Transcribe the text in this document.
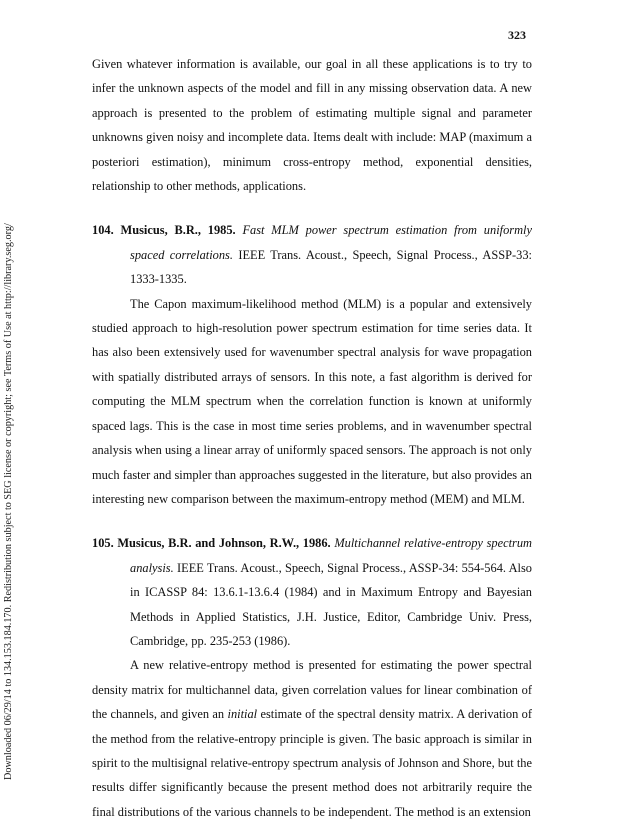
323
Downloaded 06/29/14 to 134.153.184.170. Redistribution subject to SEG license or copyright; see Terms of Use at http://library.seg.org/

Given whatever information is available, our goal in all these applications is to try to infer the unknown aspects of the model and fill in any missing observation data. A new approach is presented to the problem of estimating multiple signal and parameter unknowns given noisy and incomplete data. Items dealt with include: MAP (maximum a posteriori estimation), minimum cross-entropy method, exponential densities, relationship to other methods, applications.

104. Musicus, B.R., 1985. Fast MLM power spectrum estimation from uniformly spaced correlations. IEEE Trans. Acoust., Speech, Signal Process., ASSP-33: 1333-1335.

The Capon maximum-likelihood method (MLM) is a popular and extensively studied approach to high-resolution power spectrum estimation for time series data. It has also been extensively used for wavenumber spectral analysis for wave propagation with spatially distributed arrays of sensors. In this note, a fast algorithm is derived for computing the MLM spectrum when the correlation function is known at uniformly spaced lags. This is the case in most time series problems, and in wavenumber spectral analysis when using a linear array of uniformly spaced sensors. The approach is not only much faster and simpler than approaches suggested in the literature, but also provides an interesting new comparison between the maximum-entropy method (MEM) and MLM.

105. Musicus, B.R. and Johnson, R.W., 1986. Multichannel relative-entropy spectrum analysis. IEEE Trans. Acoust., Speech, Signal Process., ASSP-34: 554-564. Also in ICASSP 84: 13.6.1-13.6.4 (1984) and in Maximum Entropy and Bayesian Methods in Applied Statistics, J.H. Justice, Editor, Cambridge Univ. Press, Cambridge, pp. 235-253 (1986).

A new relative-entropy method is presented for estimating the power spectral density matrix for multichannel data, given correlation values for linear combination of the channels, and given an initial estimate of the spectral density matrix. A derivation of the method from the relative-entropy principle is given. The basic approach is similar in spirit to the multisignal relative-entropy spectrum analysis of Johnson and Shore, but the results differ significantly because the present method does not arbitrarily require the final distributions of the various channels to be independent. The method is an extension
